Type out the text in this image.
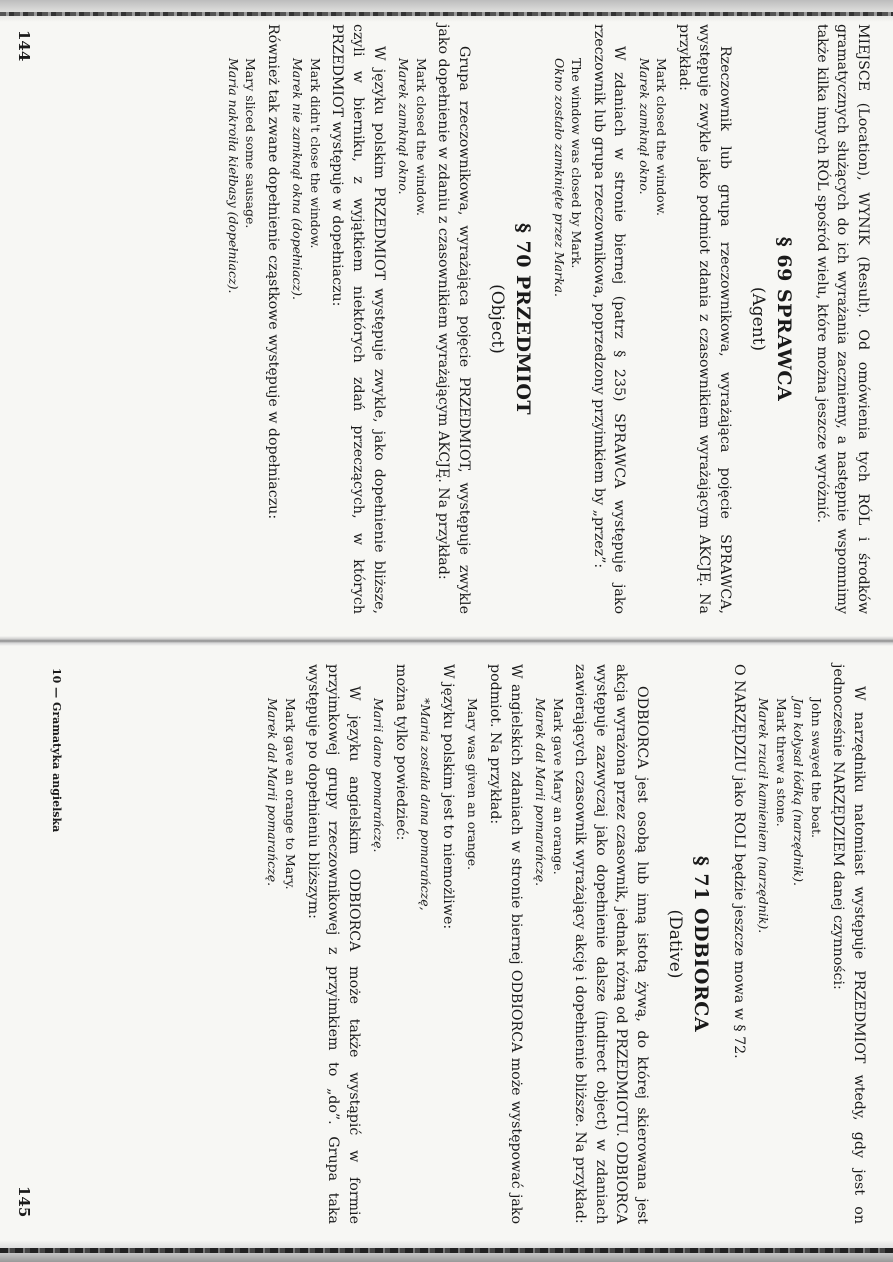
MIEJSCE (Location), WYNIK (Result). Od omówienia tych RÓL i środków gramatycznych służących do ich wyrażania zaczniemy, a następnie wspomnimy także kilka innych RÓL spośród wielu, które można jeszcze wyróżnić.

§ 69 SPRAWCA
(Agent)

Rzeczownik lub grupa rzeczownikowa, wyrażająca pojęcie SPRAWCA, występuje zwykle jako podmiot zdania z czasownikiem wyrażającym AKCJĘ. Na przykład:

Mark closed the window.
Marek zamknął okno.

W zdaniach w stronie biernej (patrz § 235) SPRAWCA występuje jako rzeczownik lub grupa rzeczownikowa, poprzedzony przyimkiem by „przez”:

The window was closed by Mark.
Okno zostało zamknięte przez Marka.
§ 70 PRZEDMIOT
(Object)

Grupa rzeczownikowa, wyrażająca pojęcie PRZEDMIOT, występuje zwykle jako dopełnienie w zdaniu z czasownikiem wyrażającym AKCJĘ. Na przykład:

Mark closed the window.
Marek zamknął okno.

W języku polskim PRZEDMIOT występuje zwykle, jako dopełnienie bliższe, czyli w bierniku, z wyjątkiem niektórych zdań przeczących, w których PRZEDMIOT występuje w dopełniaczu:

Mark didn't close the window.
Marek nie zamknął okna (dopełniacz).

Również tak zwane dopełnienie cząstkowe występuje w dopełniaczu:

Mary sliced some sausage.
Maria nakroiła kiełbasy (dopełniacz).
144

W narzędniku natomiast występuje PRZEDMIOT wtedy, gdy jest on jednocześnie NARZĘDZIEM danej czynności:

John swayed the boat.
Jan kołysał łódką (narzędnik).
Mark threw a stone.
Marek rzucił kamieniem (narzędnik).

O NARZĘDZIU jako ROLI będzie jeszcze mowa w § 72.

§ 71 ODBIORCA
(Dative)

ODBIORCA jest osobą lub inną istotą żywą, do której skierowana jest akcja wyrażona przez czasownik, jednak różną od PRZEDMIOTU. ODBIORCA występuje zazwyczaj jako dopełnienie dalsze (indirect object) w zdaniach zawierających czasownik wyrażający akcję i dopełnienie bliższe. Na przykład:

Mark gave Mary an orange.
Marek dał Marii pomarańczę.

W angielskich zdaniach w stronie biernej ODBIORCA może występować jako podmiot. Na przykład:

Mary was given an orange.

W języku polskim jest to niemożliwe:

*Maria została dana pomarańczę,

można tylko powiedzieć:

Marii dano pomarańczę.

W języku angielskim ODBIORCA może także wystąpić w formie przyimkowej grupy rzeczownikowej z przyimkiem to „do”. Grupa taka występuje po dopełnieniu bliższym:

Mark gave an orange to Mary.
Marek dał Marii pomarańczę.
10 — Gramatyka angielska
145
